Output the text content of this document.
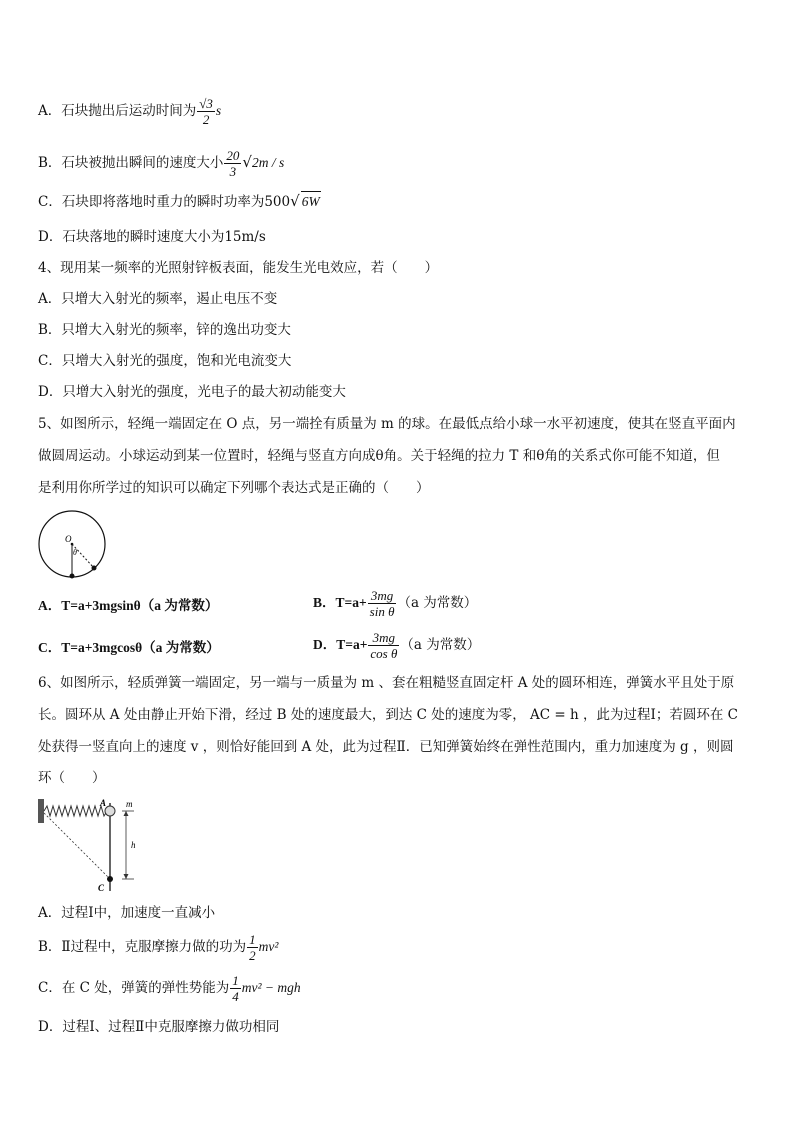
A．石块抛出后运动时间为 $\frac{√3}{2}$ s
B．石块被抛出瞬间的速度大小 $\frac{20}{3} √2m$ / s
C．石块即将落地时重力的瞬时功率为500√ 6W
D．石块落地的瞬时速度大小为15m/s
4、现用某一频率的光照射锌板表面，能发生光电效应，若（　　）
A．只增大入射光的频率，遏止电压不变
B．只增大入射光的频率，锌的逸出功变大
C．只增大入射光的强度，饱和光电流变大
D．只增大入射光的强度，光电子的最大初动能变大
5、如图所示，轻绳一端固定在 O 点，另一端拴有质量为 m 的球。在最低点给小球一水平初速度，使其在竖直平面内
做圆周运动。小球运动到某一位置时，轻绳与竖直方向成θ角。关于轻绳的拉力 T 和θ角的关系式你可能不知道，但
是利用你所学过的知识可以确定下列哪个表达式是正确的（　　）
O
θ
A．T=a+3mgsinθ（a 为常数）	B．$T=a+ \frac{3mg}{\text{sin θ}} (a$ 为常数）
C．T=a+3mgcosθ（a 为常数）	D．$T=a+ \frac{3mg}{\text{cos θ}} (a$ 为常数）
6、如图所示，轻质弹簧一端固定，另一端与一质量为 m 、套在粗糙竖直固定杆 A 处的圆环相连，弹簧水平且处于原
长。圆环从 A 处由静止开始下滑，经过 B 处的速度最大，到达 C 处的速度为零， AC = h ，此为过程Ⅰ；若圆环在 C
处获得一竖直向上的速度 v ，则恰好能回到 A 处，此为过程Ⅱ．已知弹簧始终在弹性范围内，重力加速度为 g ，则圆
环（　　）
A
C
m
h
A．过程Ⅰ中，加速度一直减小
B．Ⅱ过程中，克服摩擦力做的功为 $\frac{1}{2} mv^2$
C．在 C 处，弹簧的弹性势能为 $\frac{1}{4} mv^2$ − mgh
D．过程Ⅰ、过程Ⅱ中克服摩擦力做功相同
